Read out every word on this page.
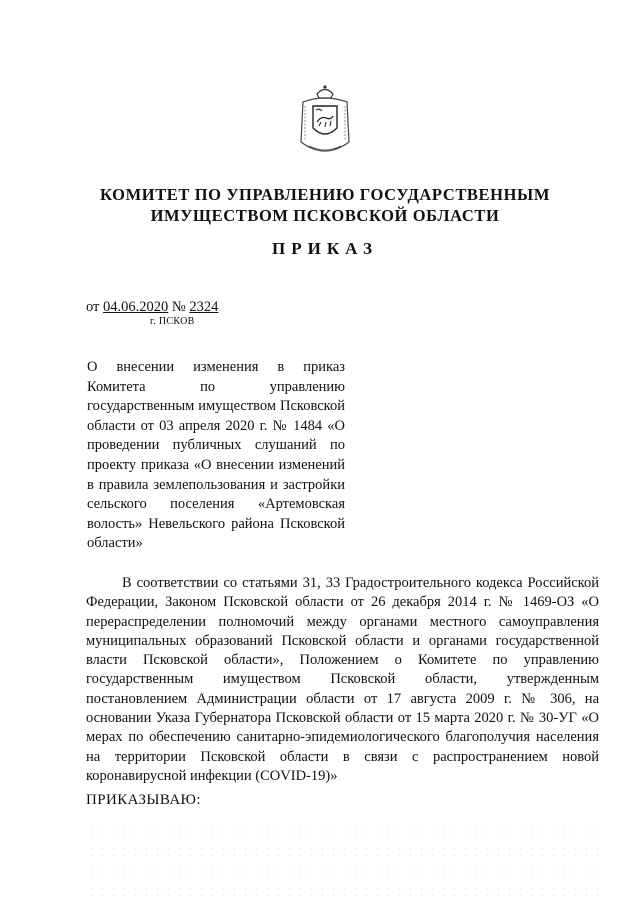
КОМИТЕТ ПО УПРАВЛЕНИЮ ГОСУДАРСТВЕННЫМ
ИМУЩЕСТВОМ ПСКОВСКОЙ ОБЛАСТИ
ПРИКАЗ
от 04.06.2020 № 2324
г. ПСКОВ
О внесении изменения в приказ Комитета по управлению государственным имуществом Псковской области от 03 апреля 2020 г. № 1484 «О проведении публичных слушаний по проекту приказа «О внесении изменений в правила землепользования и застройки сельского поселения «Артемовская волость» Невельского района Псковской области»
В соответствии со статьями 31, 33 Градостроительного кодекса Российской Федерации, Законом Псковской области от 26 декабря 2014 г. № 1469-ОЗ «О перераспределении полномочий между органами местного самоуправления муниципальных образований Псковской области и органами государственной власти Псковской области», Положением о Комитете по управлению государственным имуществом Псковской области, утвержденным постановлением Администрации области от 17 августа 2009 г. № 306, на основании Указа Губернатора Псковской области от 15 марта 2020 г. № 30-УГ «О мерах по обеспечению санитарно-эпидемиологического благополучия населения на территории Псковской области в связи с распространением новой коронавирусной инфекции (COVID-19)»
ПРИКАЗЫВАЮ:
